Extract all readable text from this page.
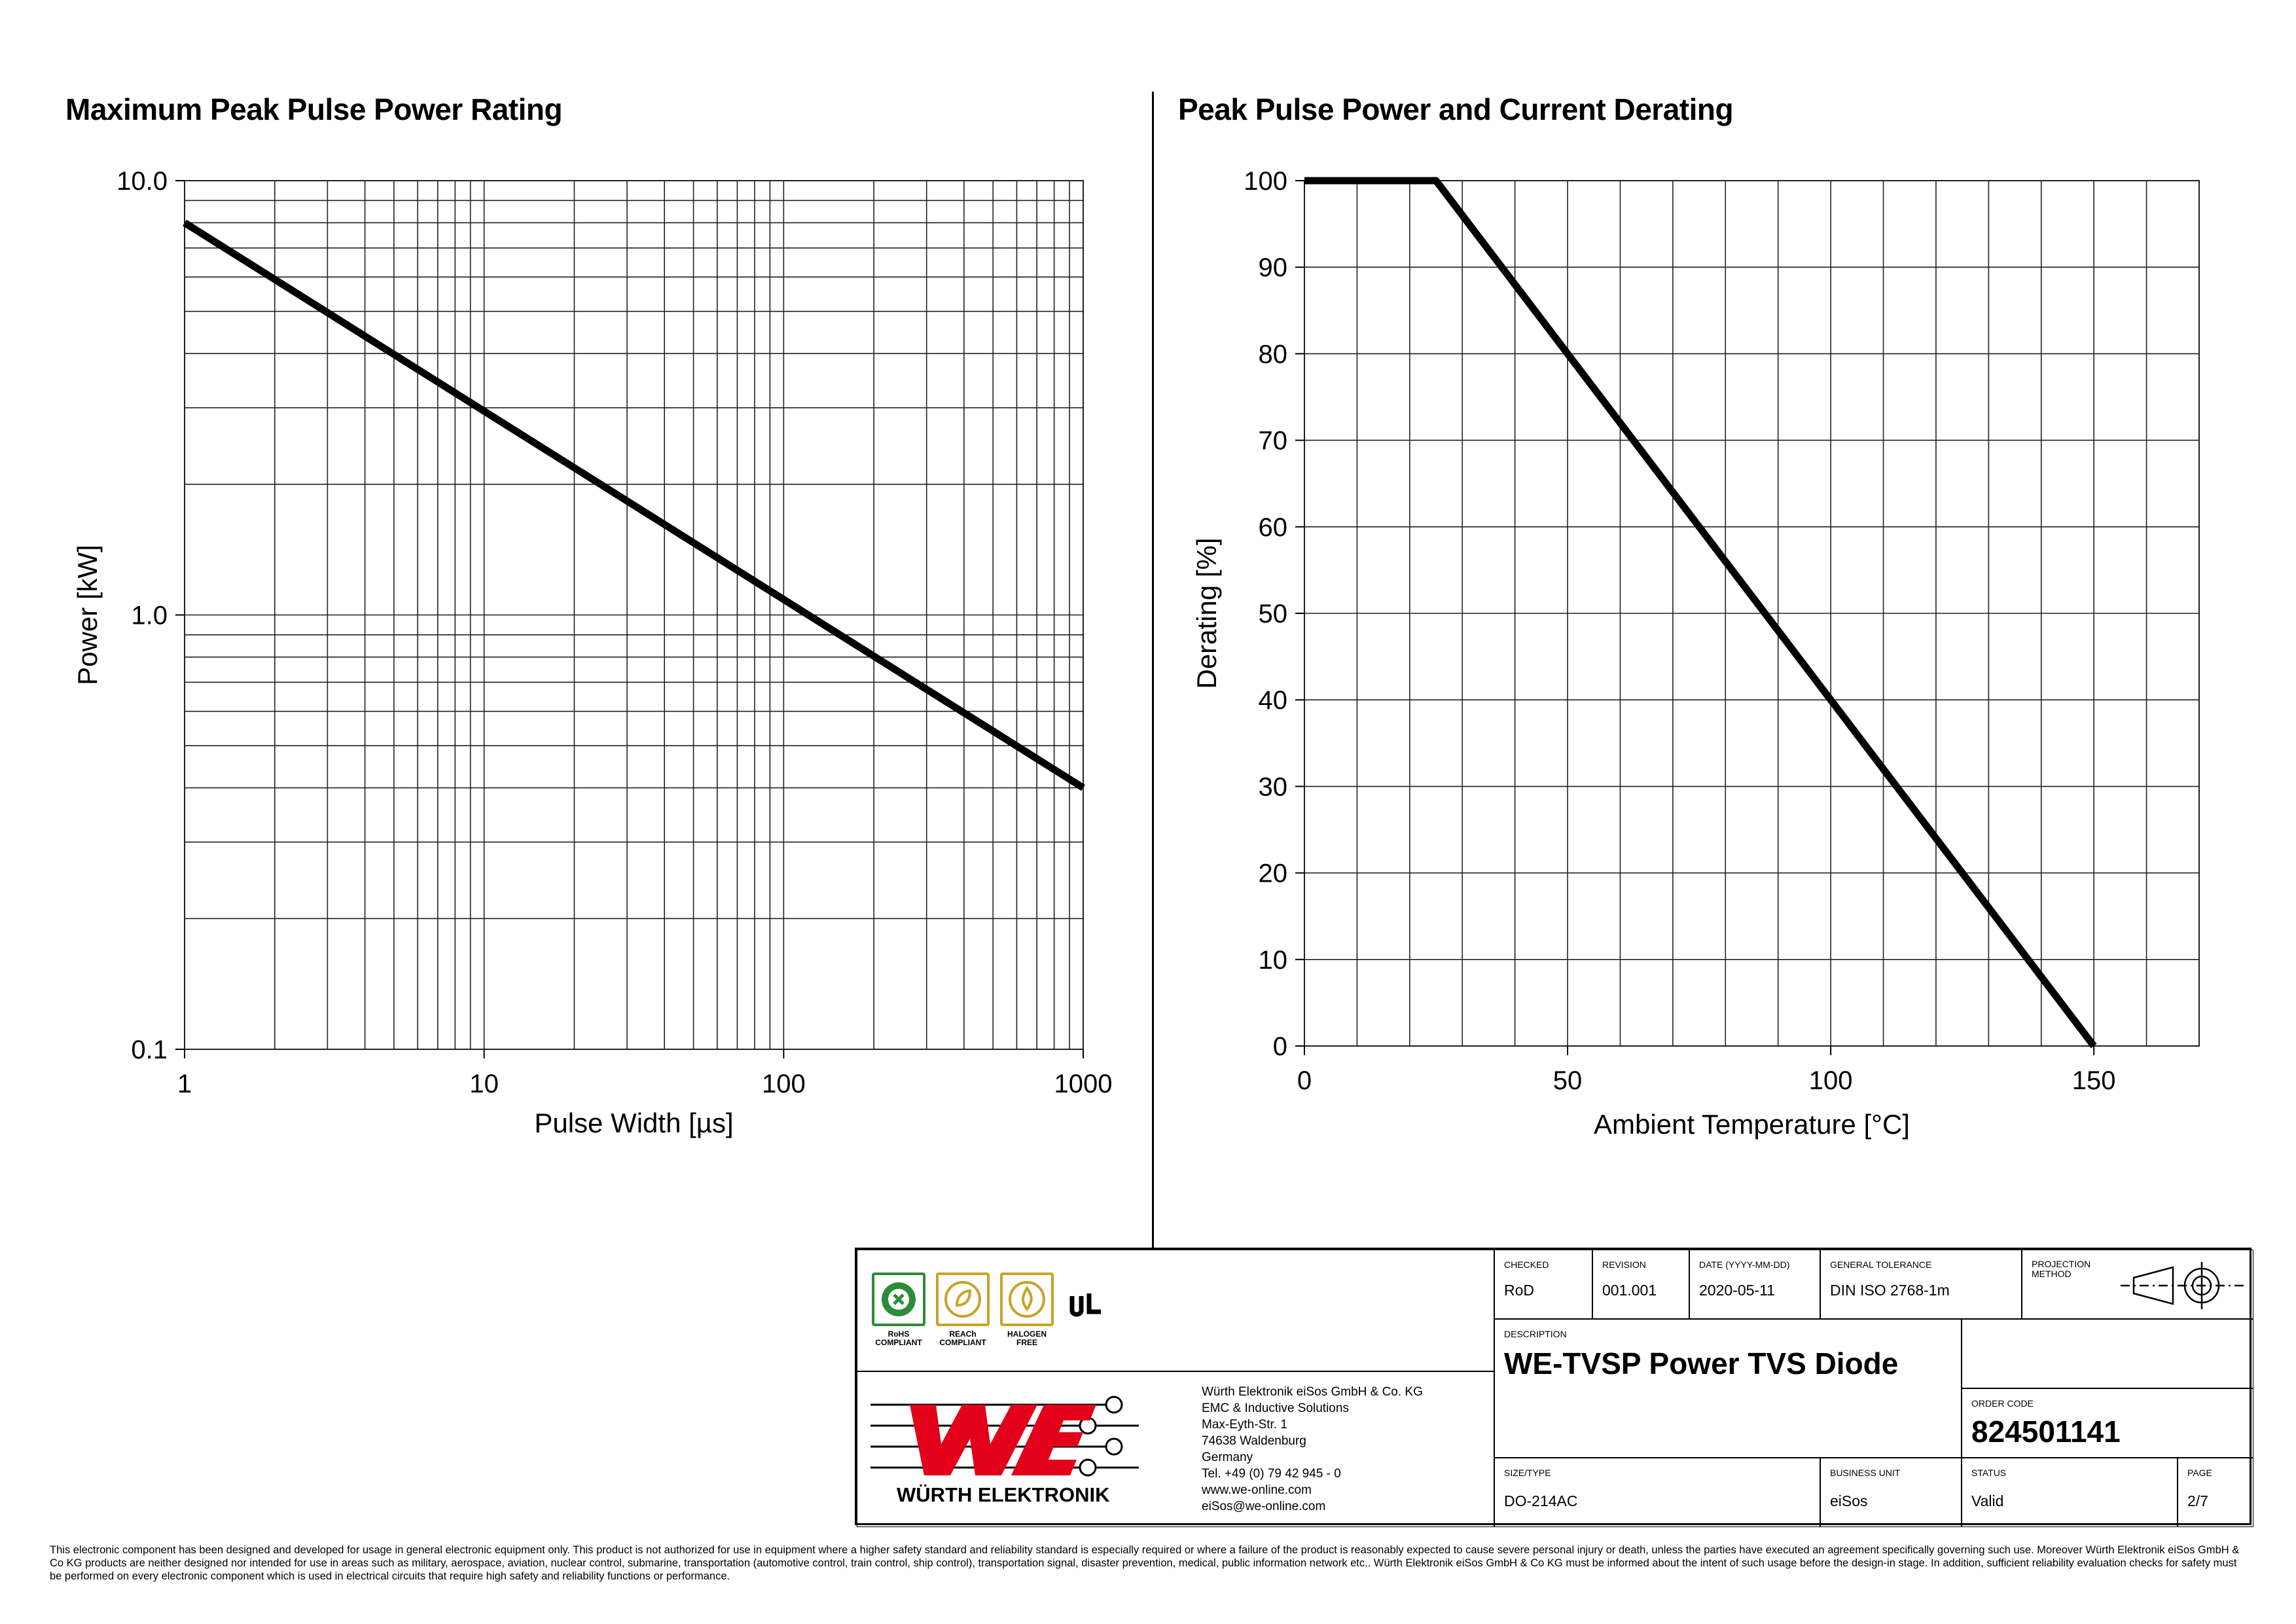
Maximum Peak Pulse Power Rating	Peak Pulse Power and Current Derating
1	10	100	1000
0.1
1.0
10.0
Pulse Width [µs]
Power [kW]
0	50	100	150
0
10
20
30
40
50
60
70
80
90
100
Ambient Temperature [°C]
Derating [%]
RoHS
COMPLIANT
REACh
COMPLIANT
HALOGEN
FREE
WÜRTH ELEKTRONIK
Würth Elektronik eiSos GmbH & Co. KG
EMC & Inductive Solutions
Max-Eyth-Str. 1
74638 Waldenburg
Germany
Tel. +49 (0) 79 42 945 - 0
www.we-online.com
eiSos@we-online.com
CHECKED
RoD
REVISION
001.001
DATE (YYYY-MM-DD)
2020-05-11
GENERAL TOLERANCE
DIN ISO 2768-1m
PROJECTION METHOD
DESCRIPTION
WE-TVSP Power TVS Diode
ORDER CODE
824501141
SIZE/TYPE
DO-214AC
BUSINESS UNIT
eiSos
STATUS
Valid
PAGE
2/7
This electronic component has been designed and developed for usage in general electronic equipment only. This product is not authorized for use in equipment where a higher safety standard and reliability standard is especially required or where a failure of the product is reasonably expected to cause severe personal injury or death, unless the parties have executed an agreement specifically governing such use. Moreover Würth Elektronik eiSos GmbH & Co KG products are neither designed nor intended for use in areas such as military, aerospace, aviation, nuclear control, submarine, transportation (automotive control, train control, ship control), transportation signal, disaster prevention, medical, public information network etc.. Würth Elektronik eiSos GmbH & Co KG must be informed about the intent of such usage before the design-in stage. In addition, sufficient reliability evaluation checks for safety must be performed on every electronic component which is used in electrical circuits that require high safety and reliability functions or performance.
